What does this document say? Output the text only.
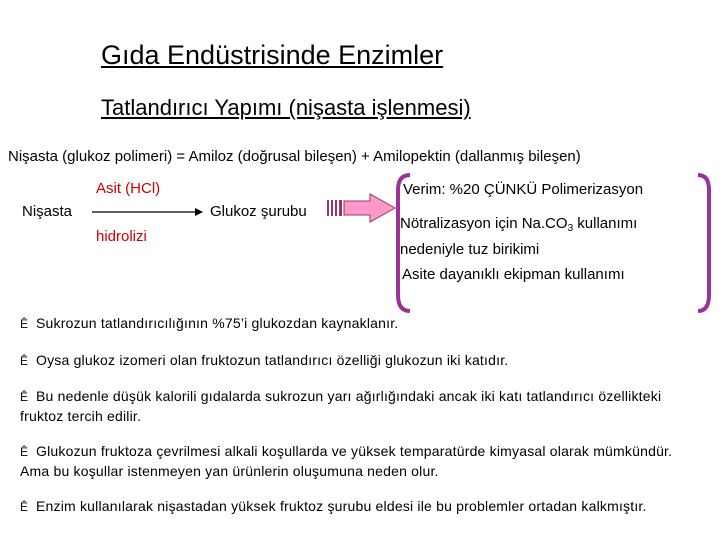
Gıda Endüstrisinde Enzimler
Tatlandırıcı Yapımı (nişasta işlenmesi)
Nişasta (glukoz polimeri) = Amiloz (doğrusal bileşen) + Amilopektin (dallanmış bileşen)
Nişasta
Asit (HCl)
hidrolizi
Glukoz şurubu
Verim: %20 ÇÜNKÜ Polimerizasyon
Nötralizasyon için $Na.CO_3$ kullanımı nedeniyle tuz birikimi
Asite dayanıklı ekipman kullanımı
Ê Sukrozun tatlandırıcılığının %75’i glukozdan kaynaklanır.
Ê Oysa glukoz izomeri olan fruktozun tatlandırıcı özelliği glukozun iki katıdır.
Ê Bu nedenle düşük kalorili gıdalarda sukrozun yarı ağırlığındaki ancak iki katı tatlandırıcı özellikteki fruktoz tercih edilir.
Ê Glukozun fruktoza çevrilmesi alkali koşullarda ve yüksek temparatürde kimyasal olarak mümkündür. Ama bu koşullar istenmeyen yan ürünlerin oluşumuna neden olur.
Ê Enzim kullanılarak nişastadan yüksek fruktoz şurubu eldesi ile bu problemler ortadan kalkmıştır.
